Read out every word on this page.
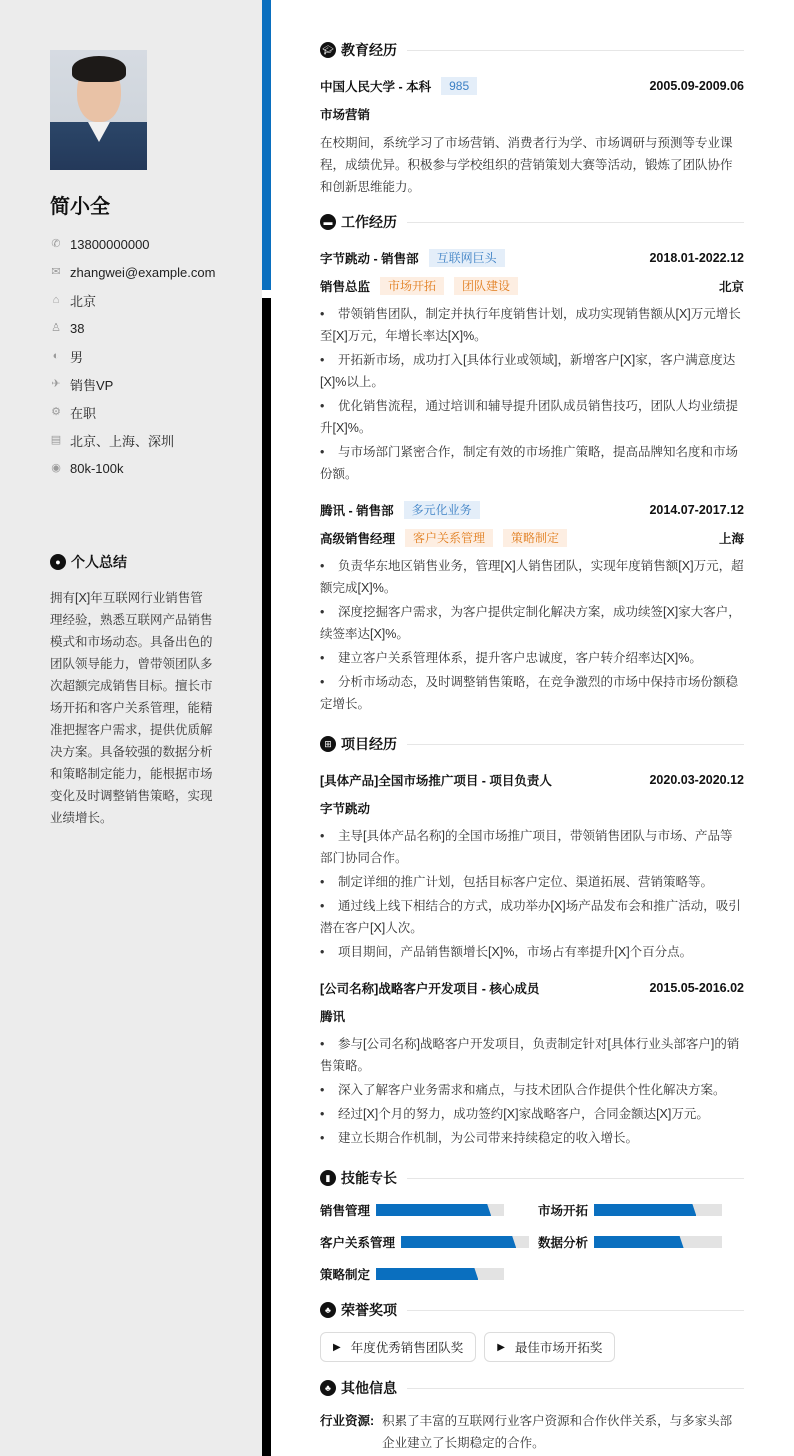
简小全
✆ 13800000000
✉ zhangwei@example.com
⌂ 北京
♙ 38
◐ 男
✈ 销售VP
⚙ 在职
▤ 北京、上海、深圳
◉ 80k-100k
● 个人总结
拥有[X]年互联网行业销售管理经验，熟悉互联网产品销售模式和市场动态。具备出色的团队领导能力，曾带领团队多次超额完成销售目标。擅长市场开拓和客户关系管理，能精准把握客户需求，提供优质解决方案。具备较强的数据分析和策略制定能力，能根据市场变化及时调整销售策略，实现业绩增长。
🎓︎ 教育经历
中国人民大学 - 本科	985	2005.09-2009.06
市场营销
在校期间，系统学习了市场营销、消费者行为学、市场调研与预测等专业课程，成绩优异。积极参与学校组织的营销策划大赛等活动，锻炼了团队协作和创新思维能力。
▬ 工作经历
字节跳动 - 销售部	互联网巨头	2018.01-2022.12
销售总监	市场开拓	团队建设	北京
• 带领销售团队，制定并执行年度销售计划，成功实现销售额从[X]万元增长至[X]万元，年增长率达[X]%。
• 开拓新市场，成功打入[具体行业或领域]，新增客户[X]家，客户满意度达[X]%以上。
• 优化销售流程，通过培训和辅导提升团队成员销售技巧，团队人均业绩提升[X]%。
• 与市场部门紧密合作，制定有效的市场推广策略，提高品牌知名度和市场份额。
腾讯 - 销售部	多元化业务	2014.07-2017.12
高级销售经理	客户关系管理	策略制定	上海
• 负责华东地区销售业务，管理[X]人销售团队，实现年度销售额[X]万元，超额完成[X]%。
• 深度挖掘客户需求，为客户提供定制化解决方案，成功续签[X]家大客户，续签率达[X]%。
• 建立客户关系管理体系，提升客户忠诚度，客户转介绍率达[X]%。
• 分析市场动态，及时调整销售策略，在竞争激烈的市场中保持市场份额稳定增长。
⊞ 项目经历
[具体产品]全国市场推广项目 - 项目负责人	2020.03-2020.12
字节跳动
• 主导[具体产品名称]的全国市场推广项目，带领销售团队与市场、产品等部门协同合作。
• 制定详细的推广计划，包括目标客户定位、渠道拓展、营销策略等。
• 通过线上线下相结合的方式，成功举办[X]场产品发布会和推广活动，吸引潜在客户[X]人次。
• 项目期间，产品销售额增长[X]%，市场占有率提升[X]个百分点。
[公司名称]战略客户开发项目 - 核心成员	2015.05-2016.02
腾讯
• 参与[公司名称]战略客户开发项目，负责制定针对[具体行业头部客户]的销售策略。
• 深入了解客户业务需求和痛点，与技术团队合作提供个性化解决方案。
• 经过[X]个月的努力，成功签约[X]家战略客户，合同金额达[X]万元。
• 建立长期合作机制，为公司带来持续稳定的收入增长。
▮ 技能专长
销售管理	市场开拓
客户关系管理	数据分析
策略制定
♣ 荣誉奖项
▶ 年度优秀销售团队奖	▶ 最佳市场开拓奖
♣ 其他信息
行业资源: 积累了丰富的互联网行业客户资源和合作伙伴关系，与多家头部企业建立了长期稳定的合作。
